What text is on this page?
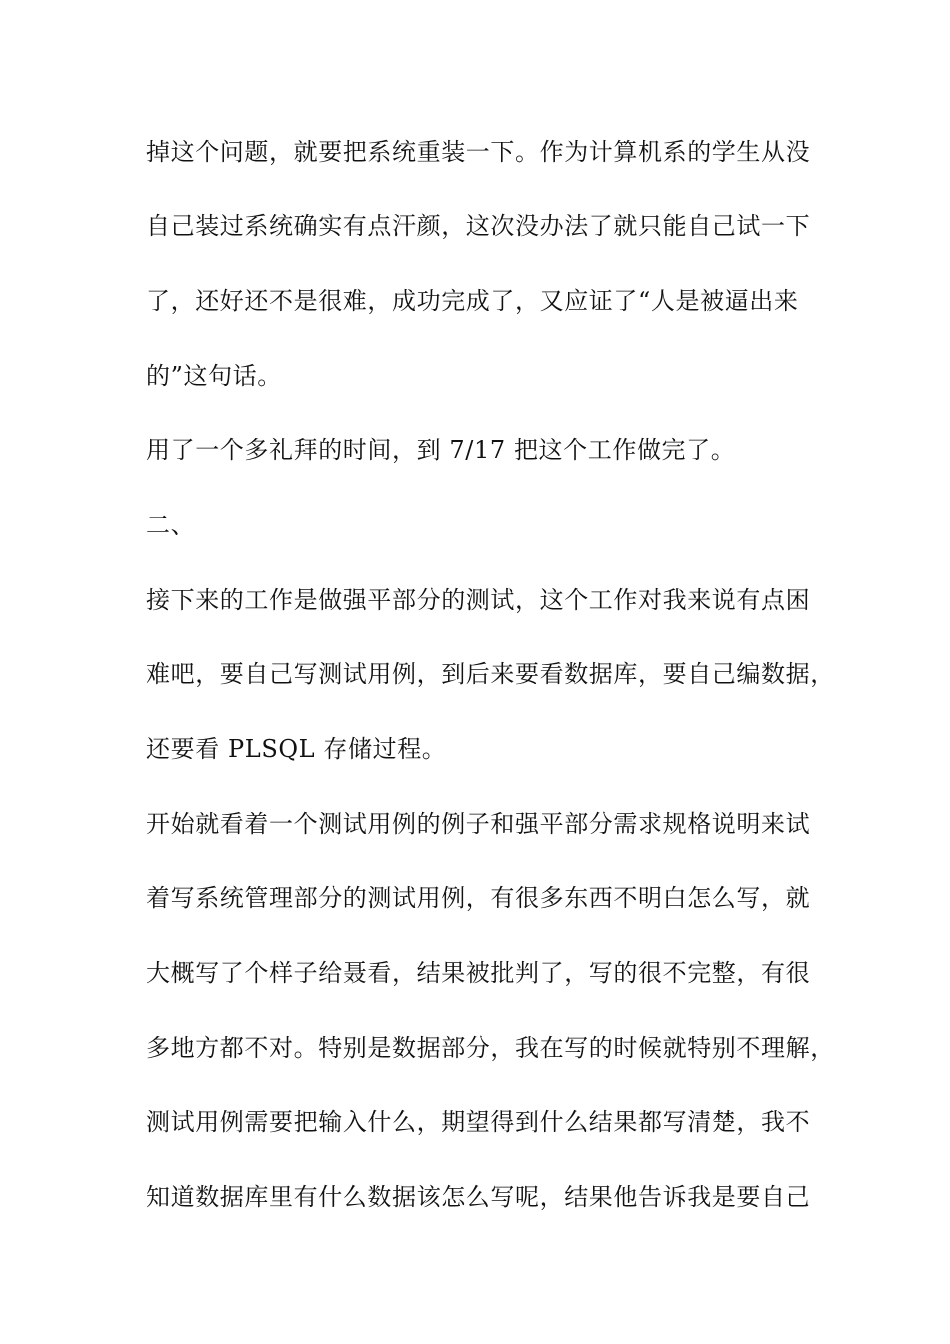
掉这个问题，就要把系统重装一下。作为计算机系的学生从没
自己装过系统确实有点汗颜，这次没办法了就只能自己试一下
了，还好还不是很难，成功完成了，又应证了“人是被逼出来
的”这句话。
用了一个多礼拜的时间，到 7/17 把这个工作做完了。
二、
接下来的工作是做强平部分的测试，这个工作对我来说有点困
难吧，要自己写测试用例，到后来要看数据库，要自己编数据，
还要看 PLSQL 存储过程。
开始就看着一个测试用例的例子和强平部分需求规格说明来试
着写系统管理部分的测试用例，有很多东西不明白怎么写，就
大概写了个样子给聂看，结果被批判了，写的很不完整，有很
多地方都不对。特别是数据部分，我在写的时候就特别不理解，
测试用例需要把输入什么，期望得到什么结果都写清楚，我不
知道数据库里有什么数据该怎么写呢，结果他告诉我是要自己
